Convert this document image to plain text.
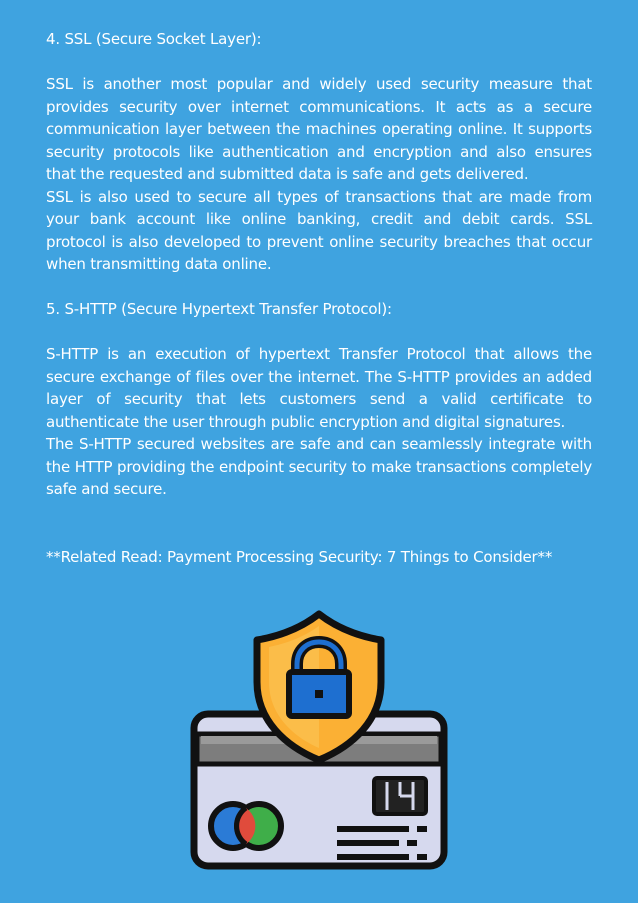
4. SSL (Secure Socket Layer):

SSL is another most popular and widely used security measure that provides security over internet communications. It acts as a secure communication layer between the machines operating online. It supports security protocols like authentication and encryption and also ensures that the requested and submitted data is safe and gets delivered.

SSL is also used to secure all types of transactions that are made from your bank account like online banking, credit and debit cards. SSL protocol is also developed to prevent online security breaches that occur when transmitting data online.

5. S-HTTP (Secure Hypertext Transfer Protocol):

S-HTTP is an execution of hypertext Transfer Protocol that allows the secure exchange of files over the internet. The S-HTTP provides an added layer of security that lets customers send a valid certificate to authenticate the user through public encryption and digital signatures.

The S-HTTP secured websites are safe and can seamlessly integrate with the HTTP providing the endpoint security to make transactions completely safe and secure.

**Related Read: Payment Processing Security: 7 Things to Consider**
